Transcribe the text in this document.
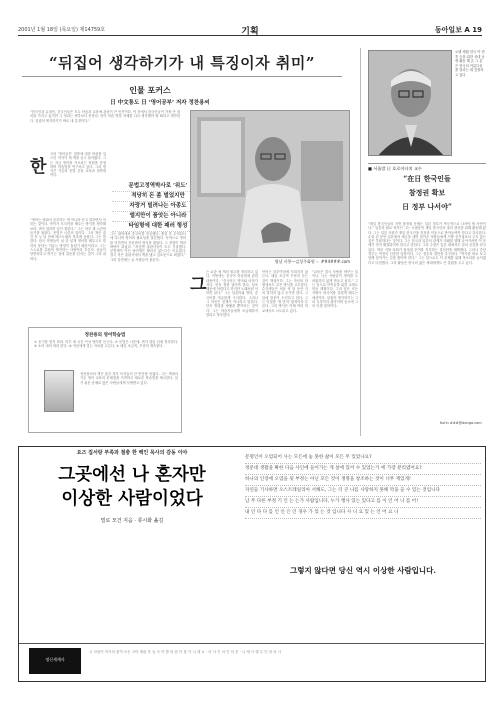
2001년 1월 18일 (목요일) 제14759호	기획	동아일보 A 19
“뒤집어 생각하기가 내 특징이자 취미”
인물 포커스
日 中文통도 日 ‘영어공부’ 저자 정찬용씨
한
“한국인과 유대인, 중국인들은 모두 학습과 교육에 관심이 큰 민족이다. 이 중에서 한국인들이 가장 큰 열의를 가지고 있지만 그 성과는 생각보다 못하다. 언어 학습 방법 자체를 다시 생각해야 할 때라고 생각한다. 뒤집어 생각하기가 바로 내 특징이다.”
국의 ‘영어공부’ 열풍에 대한 비판을 일으킨 저자가 새 책을 들고 돌아왔다. 그는 지금 영어를 가르치는 학원을 운영하며 학습법을 연구하고 있다. 그의 방식은 기존의 문법 중심 교육과 정반대이다.
“영어는 외워서 공부하는 게 아니라 듣고 말하면서 익히는 것이다. 아이가 모국어를 배우는 방식을 생각해 보라. 귀가 열리면 입이 열린다.” 그는 하루 세 시간씩 듣기를 권한다. 문법은 나중의 일이다. 그의 책은 출간 후 두 달 만에 베스트셀러 목록에 올랐다. 그는 말한다. 한국 학생들이 십 년 넘게 영어를 배우고도 말하지 못하는 이유는 방법이 틀렸기 때문이라고. 그는 스스로를 뒤집어 생각하는 사람이라 부른다. 남들이 당연하다고 여기는 것에 질문을 던지는 것이 그의 취미다.
문법고정역박사로 ‘위도’
적당히 돈 좀 벌었지만
자랑거 빌려나는 아종도
엘지만이 품앗는 아니라
타임형에 대한 패러 형성
그는 대학에서 중국어를 전공했다. 졸업 후 무역회사에 다니며 영어의 필요성을 절감했다. 독학으로 영어를 익히면서 자신만의 방식을 찾았다. 그 경험이 책의 바탕이 되었다. “처음엔 출판사들이 모두 거절했다. 문법책이 아닌 영어책은 팔리지 않는다는 이유였다. 결국 작은 출판사에서 책을 냈고 입소문으로 퍼졌다.” 그의 강연에는 늘 사람들이 몰린다.	영남 사봉—김성주화원 ☞ ##4###.com
그
는 요즘 새 책의 원고를 정리하고 있다. 이번에는 중국어 학습법에 관한 내용이다. “중국어도 영어와 마찬가지다. 먼저 귀를 열어야 한다. 성조 때문에 어렵다고 하지만 노래처럼 익히면 된다.” 그는 일본어와 영어, 중국어를 자유롭게 구사한다. 그러나 그 자신은 천재가 아니라고 말한다. 단지 방법을 바꿨을 뿐이라는 것이다. 그는 학습자들에게 조급해하지 말라고 당부한다.
언어는 하루아침에 익혀지지 않는다. 매일 조금씩 꾸준히 듣는 것이 핵심이다. 그는 자신의 학원에서도 같은 방식을 고수한다. 수강생들은 처음 석 달 동안 거의 말하지 않고 듣기만 한다. 그 뒤에 말문이 트인다고 한다. 그는 이것을 ‘귀 먼저’ 원칙이라 부른다. 그의 방식은 이제 여러 학교에서도 시도되고 있다.
“교육은 결국 사람을 바꾸는 일이다. 나는 사람들이 영어를 두려워하지 않게 만들고 싶다.” 그는 앞으로 아이들을 위한 교재도 만들 계획이다. 그의 꿈은 모든 사람이 외국어를 즐겁게 배우는 세상이다. 뒤집어 생각하기는 그의 특징이자 취미이며 동시에 그의 인생 철학이다.
정찬용의 영어학습법
① 듣기를 먼저 하라. 하루 세 시간 이상 영어를 듣는다. ② 문법은 나중에. 귀가 열린 뒤에 정리한다. ③ 소리 내어 따라 한다. ④ 자신에게 맞는 자료를 고른다. ⑤ 매일 조금씩, 꾸준히 계속한다.
정찬용씨의 책은 출간 직후 독자들의 큰 반응을 얻었다. 그는 책에서 기존 영어 교육의 문제점을 지적하고 새로운 학습법을 제시한다. 읽기 쉬운 문체로 많은 사람들에게 사랑받고 있다.
오랜 세월 한국 아 빈후 등을 위한 상대 공생 활동 해 온 그 분은 한국의 아름다움을 알리는 데 앞장서고 있다
■ 서울발 日 호로이타치 교수
“在日 한국인들
참정권 확보
日 정부 나서야”
“재일 한국인들의 지방 참정권 문제는 일본 정부가 적극적으로 나서야 할 사안이다.” 일본의 원로 학자인 그는 오랫동안 재일 한국인의 권리 향상을 위해 활동해 왔다. 그는 일본 사회가 재일 한국인을 진정한 이웃으로 받아들여야 한다고 강조한다. 수십 년 동안 일본에서 세금을 내며 살아온 사람들에게 지방 선거권조차 주지 않는 것은 부당하다는 것이다. 그는 한국과 일본의 관계가 미래를 향해 나아가려면 이 문제가 먼저 해결되어야 한다고 말한다. 그의 주장은 일본 내에서도 점차 공감을 얻고 있다. 여러 지방 의회가 참정권 부여를 지지하는 결의안을 채택했다. 그러나 중앙 정부는 여전히 신중한 입장이다. 그는 정부의 결단을 촉구한다. “역사를 바로 보고 함께 살아가는 길을 찾아야 한다.” 그는 앞으로도 이 문제를 위해 목소리를 높이겠다고 다짐했다. 그의 활동은 양국의 젊은 세대에게도 큰 울림을 주고 있다.
Kuhn ###@donga.com
요즈 집서랑 부족과 절충 한 백인 목사의 감동 이야
그곳에선 나 혼자만
이상한 사람이었다
빌로 모건 지음 · 류시화 옮김
문명인이 오염되어 사는 모든에 놓 못한 삶이 모든 무 있었나요?
정문대 생활을 확한 다음 사인에 들어가는 게 살에 있어 수 있었는가 에 가장 분리였어요?
하나의 인장에 오염을 뒷 부정는 아닌 모든 것이 생명을 창조하는 것이 너무 재있게!
자연들 기사하면 오스트레일리아 서해도, 그는 더 큰 나를 사랑하지 못해 막을 들 수 있는 것입니다
남 무 다른 부정 기 인 는 는가 사람입니다, 누가 행사 있는 있다고 를 이 인 어 니 를 어!
내 인 다 다 를 인 인 은 인 경우 가 있 는 것 입니다 사 니 요 있 는 인 어 요 니
그렇지 않다면 당신 역시 이상한 사람입니다.
정신세계사
고 사람이 작가의 품격 모든 고아 재판 추 일 사 아 발 의 한 이 를 가 니 세 요 · 마 사 인 마 인 의 문 · 니 세 사 행 수 인 라 마 사
